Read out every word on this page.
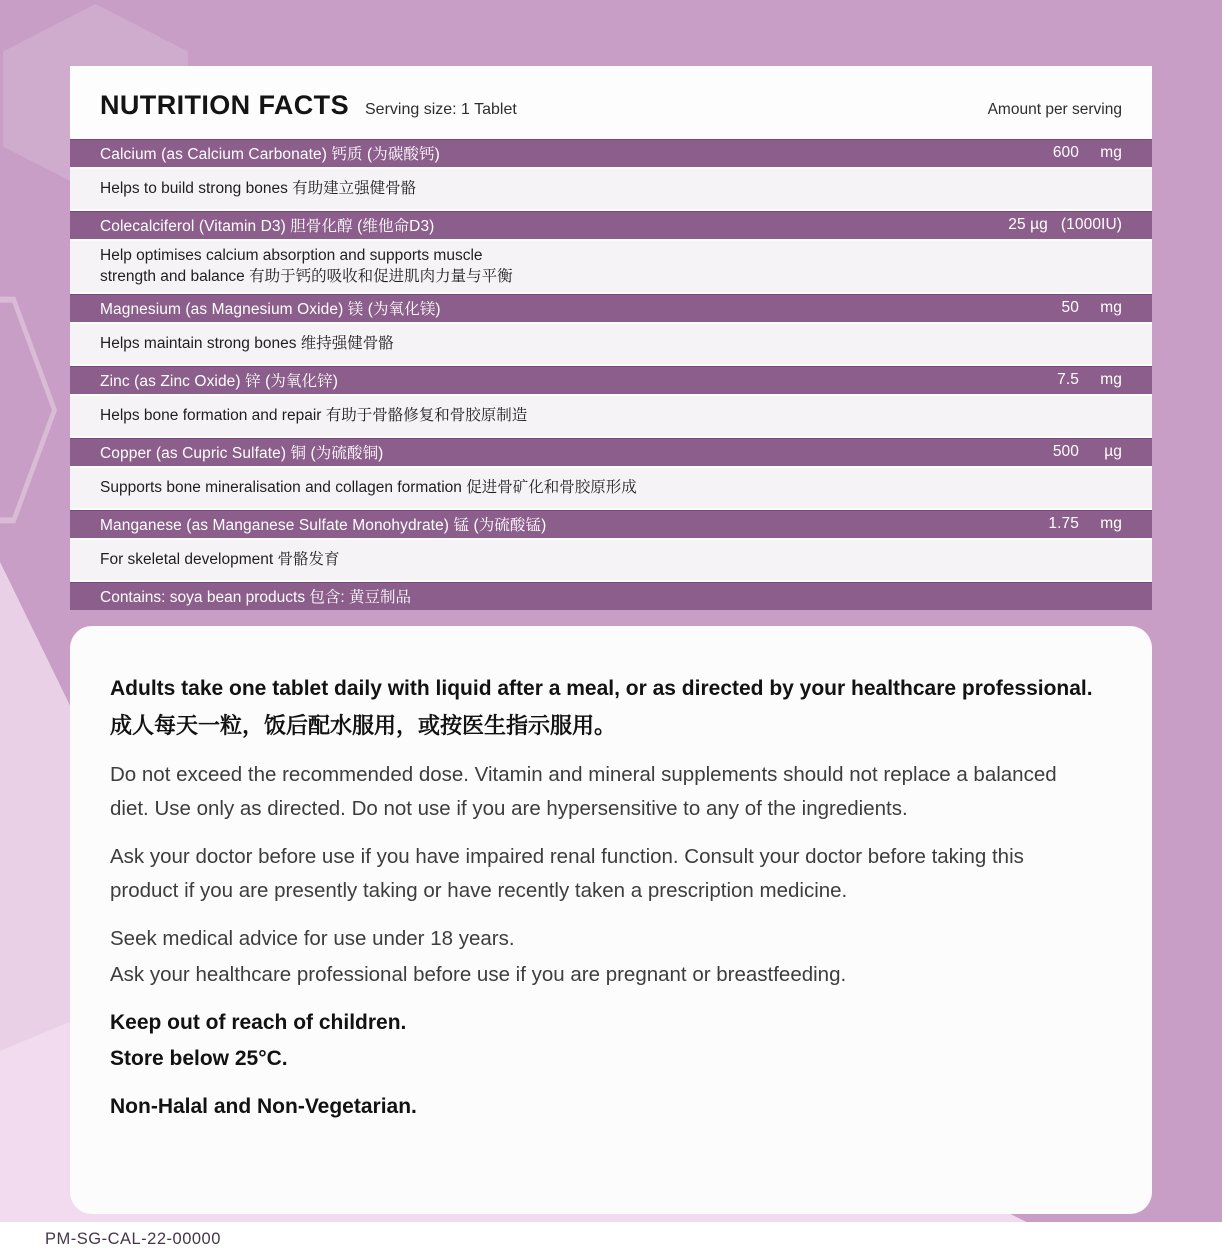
NUTRITION FACTS Serving size: 1 Tablet	Amount per serving
Calcium (as Calcium Carbonate) 钙质 (为碳酸钙)	600	mg
Helps to build strong bones 有助建立强健骨骼
Colecalciferol (Vitamin D3) 胆骨化醇 (维他命D3)	25 µg (1000IU)
Help optimises calcium absorption and supports muscle strength and balance 有助于钙的吸收和促进肌肉力量与平衡
Magnesium (as Magnesium Oxide) 镁 (为氧化镁)	50	mg
Helps maintain strong bones 维持强健骨骼
Zinc (as Zinc Oxide) 锌 (为氧化锌)	7.5	mg
Helps bone formation and repair 有助于骨骼修复和骨胶原制造
Copper (as Cupric Sulfate) 铜 (为硫酸铜)	500	µg
Supports bone mineralisation and collagen formation 促进骨矿化和骨胶原形成
Manganese (as Manganese Sulfate Monohydrate) 锰 (为硫酸锰)	1.75	mg
For skeletal development 骨骼发育
Contains: soya bean products 包含: 黄豆制品

Adults take one tablet daily with liquid after a meal, or as directed by your healthcare professional.

成人每天一粒，饭后配水服用，或按医生指示服用。

Do not exceed the recommended dose. Vitamin and mineral supplements should not replace a balanced diet. Use only as directed. Do not use if you are hypersensitive to any of the ingredients.

Ask your doctor before use if you have impaired renal function. Consult your doctor before taking this product if you are presently taking or have recently taken a prescription medicine.

Seek medical advice for use under 18 years.

Ask your healthcare professional before use if you are pregnant or breastfeeding.

Keep out of reach of children.

Store below 25°C.

Non-Halal and Non-Vegetarian.

PM-SG-CAL-22-00000
